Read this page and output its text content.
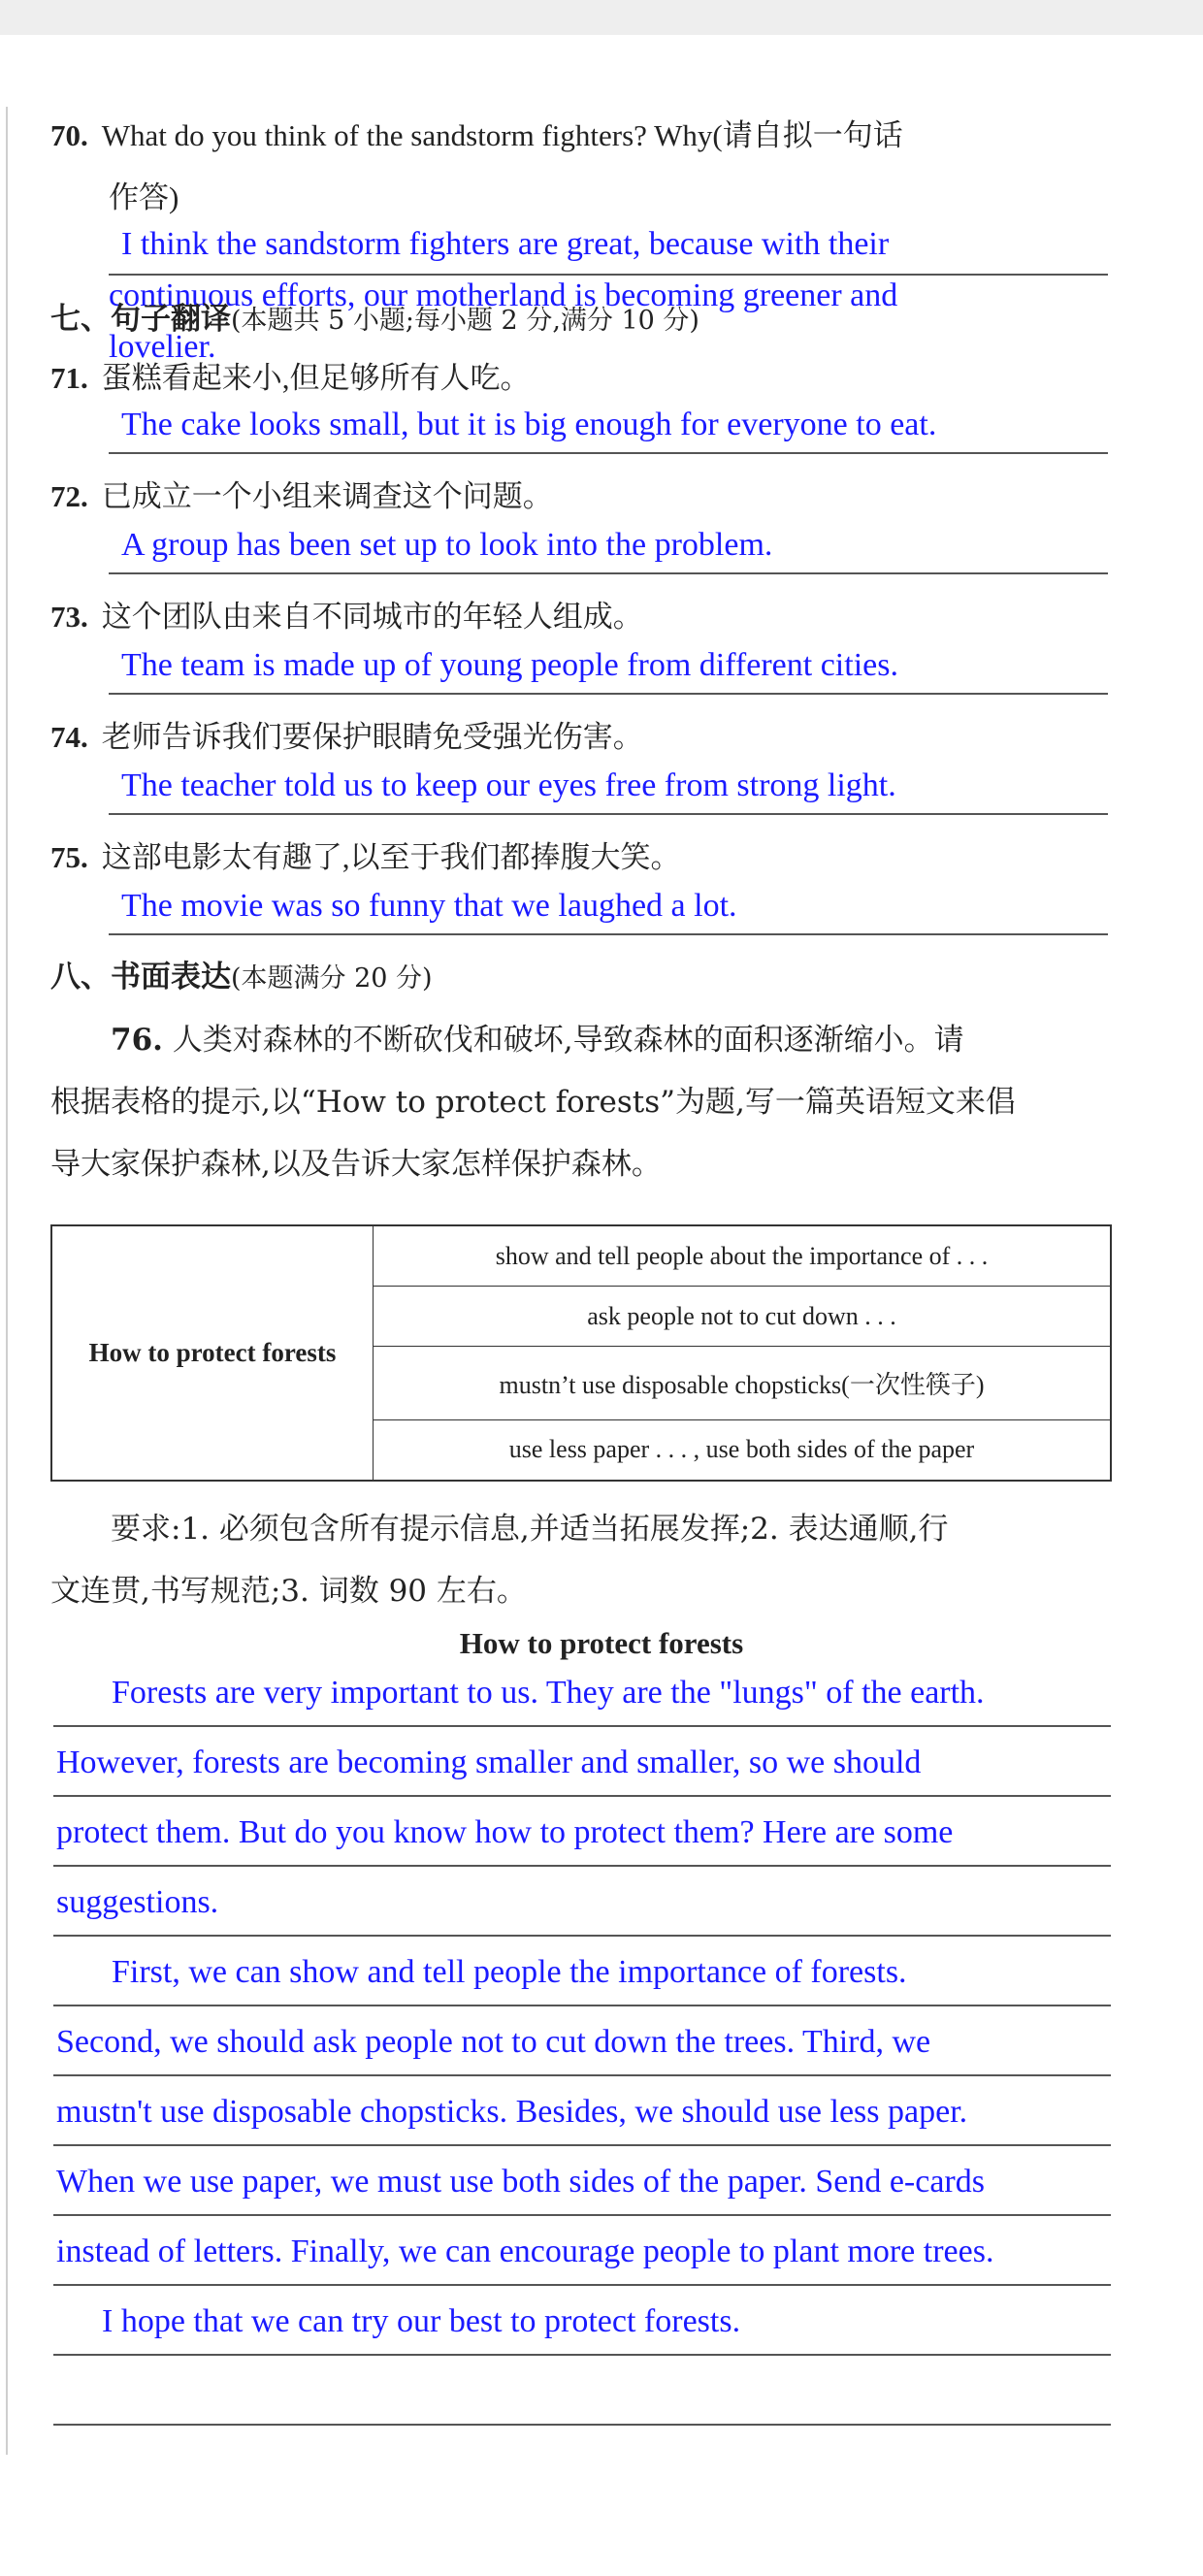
70. What do you think of the sandstorm fighters? Why(请自拟一句话
作答)
I think the sandstorm fighters are great, because with their
continuous efforts, our motherland is becoming greener and
lovelier.
七、句子翻译(本题共 5 小题;每小题 2 分,满分 10 分)
71. 蛋糕看起来小,但足够所有人吃。
The cake looks small, but it is big enough for everyone to eat.
72. 已成立一个小组来调查这个问题。
A group has been set up to look into the problem.
73. 这个团队由来自不同城市的年轻人组成。
The team is made up of young people from different cities.
74. 老师告诉我们要保护眼睛免受强光伤害。
The teacher told us to keep our eyes free from strong light.
75. 这部电影太有趣了,以至于我们都捧腹大笑。
The movie was so funny that we laughed a lot.
八、书面表达(本题满分 20 分)
76. 人类对森林的不断砍伐和破坏,导致森林的面积逐渐缩小。请
根据表格的提示,以“How to protect forests”为题,写一篇英语短文来倡
导大家保护森林,以及告诉大家怎样保护森林。
How to protect forests	show and tell people about the importance of . . .
ask people not to cut down . . .
mustn’t use disposable chopsticks(一次性筷子)
use less paper . . . , use both sides of the paper
要求:1. 必须包含所有提示信息,并适当拓展发挥;2. 表达通顺,行
文连贯,书写规范;3. 词数 90 左右。
How to protect forests
Forests are very important to us. They are the "lungs" of the earth.
However, forests are becoming smaller and smaller, so we should
protect them. But do you know how to protect them? Here are some
suggestions.
First, we can show and tell people the importance of forests.
Second, we should ask people not to cut down the trees. Third, we
mustn't use disposable chopsticks. Besides, we should use less paper.
When we use paper, we must use both sides of the paper. Send e-cards
instead of letters. Finally, we can encourage people to plant more trees.
I hope that we can try our best to protect forests.
